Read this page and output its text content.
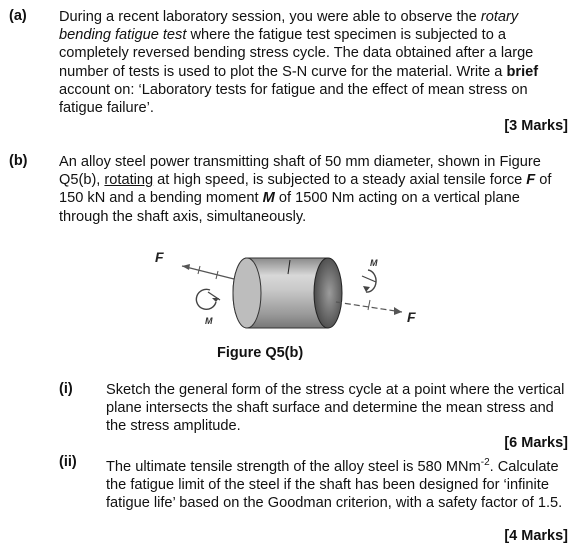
(a) During a recent laboratory session, you were able to observe the rotary bending fatigue test where the fatigue test specimen is subjected to a completely reversed bending stress cycle. The data obtained after a large number of tests is used to plot the S-N curve for the material. Write a brief account on: ‘Laboratory tests for fatigue and the effect of mean stress on fatigue failure’.
[3 Marks]
(b) An alloy steel power transmitting shaft of 50 mm diameter, shown in Figure Q5(b), rotating at high speed, is subjected to a steady axial tensile force F of 150 kN and a bending moment M of 1500 Nm acting on a vertical plane through the shaft axis, simultaneously.
F
F
M
M
Figure Q5(b)
(i) Sketch the general form of the stress cycle at a point where the vertical plane intersects the shaft surface and determine the mean stress and the stress amplitude.
[6 Marks]
(ii) The ultimate tensile strength of the alloy steel is 580 MNm$^{-2}$. Calculate the fatigue limit of the steel if the shaft has been designed for ‘infinite fatigue life’ based on the Goodman criterion, with a safety factor of 1.5.
[4 Marks]
